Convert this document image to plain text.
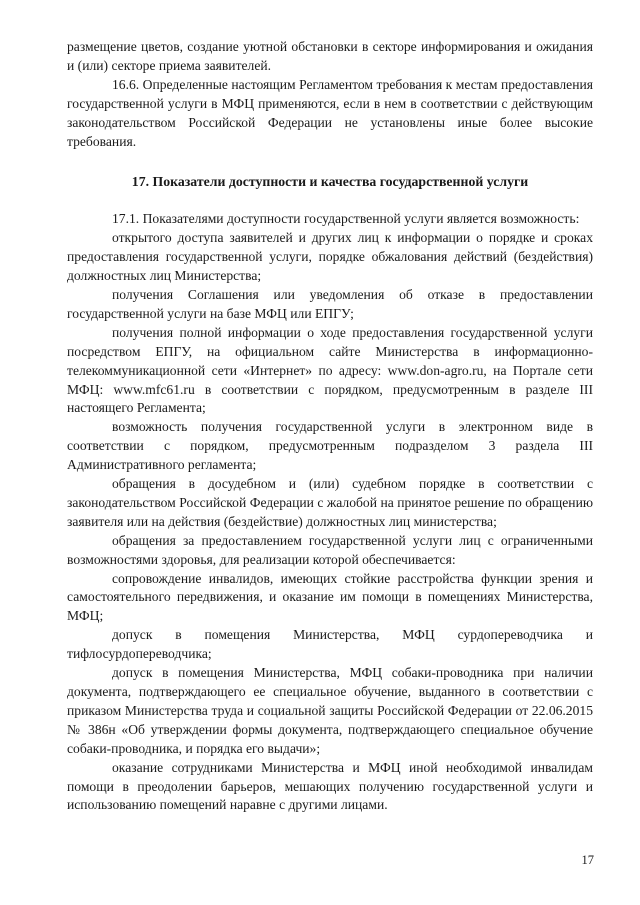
размещение цветов, создание уютной обстановки в секторе информирования и ожидания и (или) секторе приема заявителей.

16.6. Определенные настоящим Регламентом требования к местам предоставления государственной услуги в МФЦ применяются, если в нем в соответствии с действующим законодательством Российской Федерации не установлены иные более высокие требования.

17. Показатели доступности и качества государственной услуги

17.1. Показателями доступности государственной услуги является возможность:

открытого доступа заявителей и других лиц к информации о порядке и сроках предоставления государственной услуги, порядке обжалования действий (бездействия) должностных лиц Министерства;

получения Соглашения или уведомления об отказе в предоставлении государственной услуги на базе МФЦ или ЕПГУ;

получения полной информации о ходе предоставления государственной услуги посредством ЕПГУ, на официальном сайте Министерства в информационно-телекоммуникационной сети «Интернет» по адресу: www.don-agro.ru, на Портале сети МФЦ: www.mfc61.ru в соответствии с порядком, предусмотренным в разделе III настоящего Регламента;

возможность получения государственной услуги в электронном виде в соответствии с порядком, предусмотренным подразделом 3 раздела III Административного регламента;

обращения в досудебном и (или) судебном порядке в соответствии с законодательством Российской Федерации с жалобой на принятое решение по обращению заявителя или на действия (бездействие) должностных лиц министерства;

обращения за предоставлением государственной услуги лиц с ограниченными возможностями здоровья, для реализации которой обеспечивается:

сопровождение инвалидов, имеющих стойкие расстройства функции зрения и самостоятельного передвижения, и оказание им помощи в помещениях Министерства, МФЦ;

допуск в помещения Министерства, МФЦ сурдопереводчика и тифлосурдопереводчика;

допуск в помещения Министерства, МФЦ собаки-проводника при наличии документа, подтверждающего ее специальное обучение, выданного в соответствии с приказом Министерства труда и социальной защиты Российской Федерации от 22.06.2015 № 386н «Об утверждении формы документа, подтверждающего специальное обучение собаки-проводника, и порядка его выдачи»;

оказание сотрудниками Министерства и МФЦ иной необходимой инвалидам помощи в преодолении барьеров, мешающих получению государственной услуги и использованию помещений наравне с другими лицами.

17
